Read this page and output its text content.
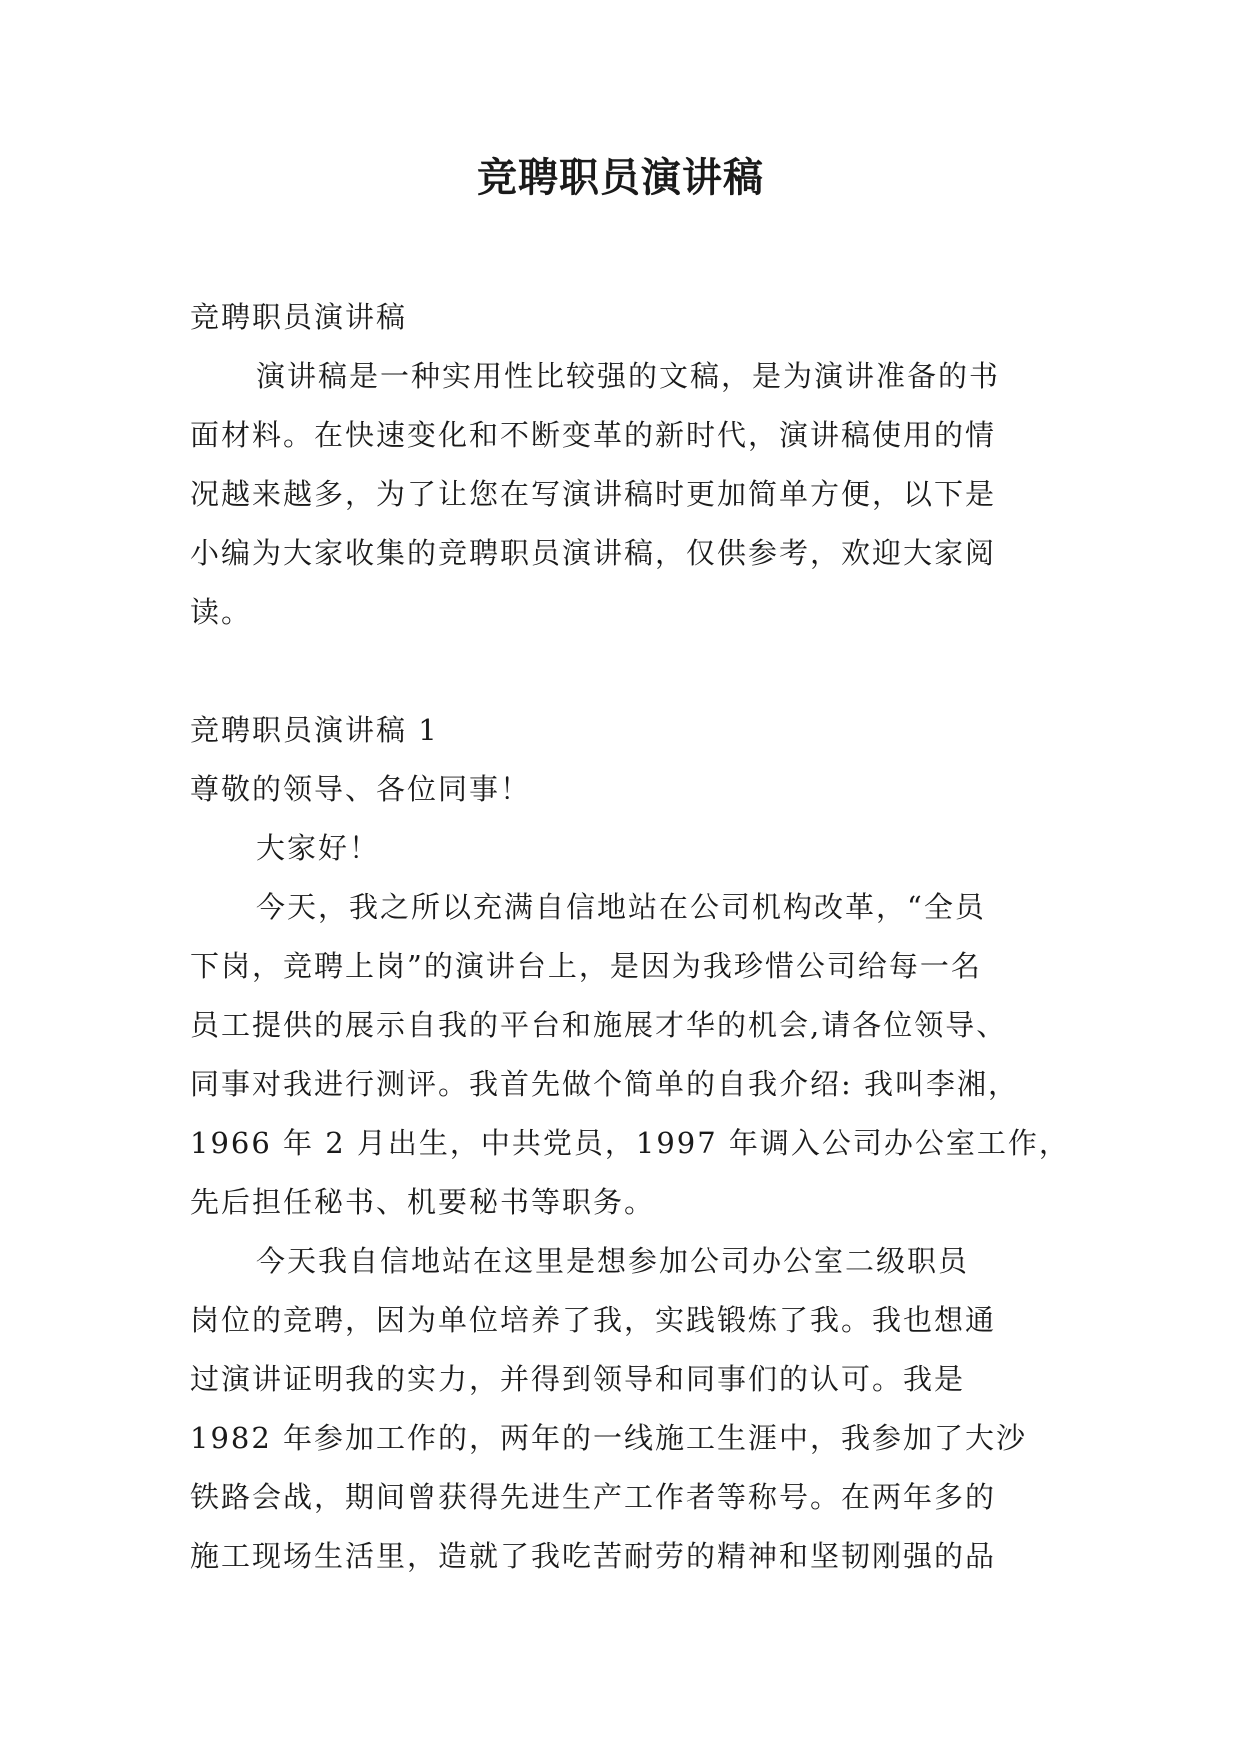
竞聘职员演讲稿
竞聘职员演讲稿
演讲稿是一种实用性比较强的文稿，是为演讲准备的书
面材料。在快速变化和不断变革的新时代，演讲稿使用的情
况越来越多，为了让您在写演讲稿时更加简单方便，以下是
小编为大家收集的竞聘职员演讲稿，仅供参考，欢迎大家阅
读。
竞聘职员演讲稿 1
尊敬的领导、各位同事！
大家好！
今天，我之所以充满自信地站在公司机构改革，“全员
下岗，竞聘上岗”的演讲台上，是因为我珍惜公司给每一名
员工提供的展示自我的平台和施展才华的机会,请各位领导、
同事对我进行测评。我首先做个简单的自我介绍: 我叫李湘，
1966 年 2 月出生，中共党员，1997 年调入公司办公室工作，
先后担任秘书、机要秘书等职务。
今天我自信地站在这里是想参加公司办公室二级职员
岗位的竞聘，因为单位培养了我，实践锻炼了我。我也想通
过演讲证明我的实力，并得到领导和同事们的认可。我是
1982 年参加工作的，两年的一线施工生涯中，我参加了大沙
铁路会战，期间曾获得先进生产工作者等称号。在两年多的
施工现场生活里，造就了我吃苦耐劳的精神和坚韧刚强的品
